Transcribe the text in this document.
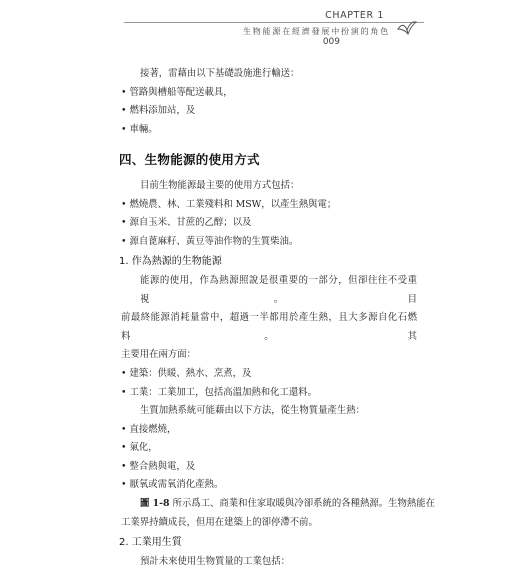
CHAPTER 1
生物能源在經濟發展中扮演的角色
009
接著，雷藉由以下基礎設施進行輸送：
• 管路與槽船等配送載具，
• 燃料添加站，及
• 車輛。
四、生物能源的使用方式
目前生物能源最主要的使用方式包括：
• 燃燒農、林、工業殘料和 MSW，以產生熱與電；
• 源自玉米、甘蔗的乙醇；以及
• 源自蓖麻籽、黃豆等油作物的生質柴油。
1. 作為熱源的生物能源
能源的使用，作為熱源照說是很重要的一部分，但卻往往不受重視。目
前最終能源消耗量當中，超過一半都用於產生熱，且大多源自化石燃料。其
主要用在兩方面：
• 建築：供暖、熱水、烹煮，及
• 工業：工業加工，包括高溫加熱和化工還料。
生質加熱系統可能藉由以下方法，從生物質量產生熱：
• 直接燃燒，
• 氣化，
• 整合熱與電，及
• 厭氧或需氧消化產熱。
圖 1-8 所示爲工、商業和住家取暖與冷卻系統的各種熱源。生物熱能在
工業界持續成長，但用在建築上的卻停滯不前。
2. 工業用生質
預計未來使用生物質量的工業包括：
